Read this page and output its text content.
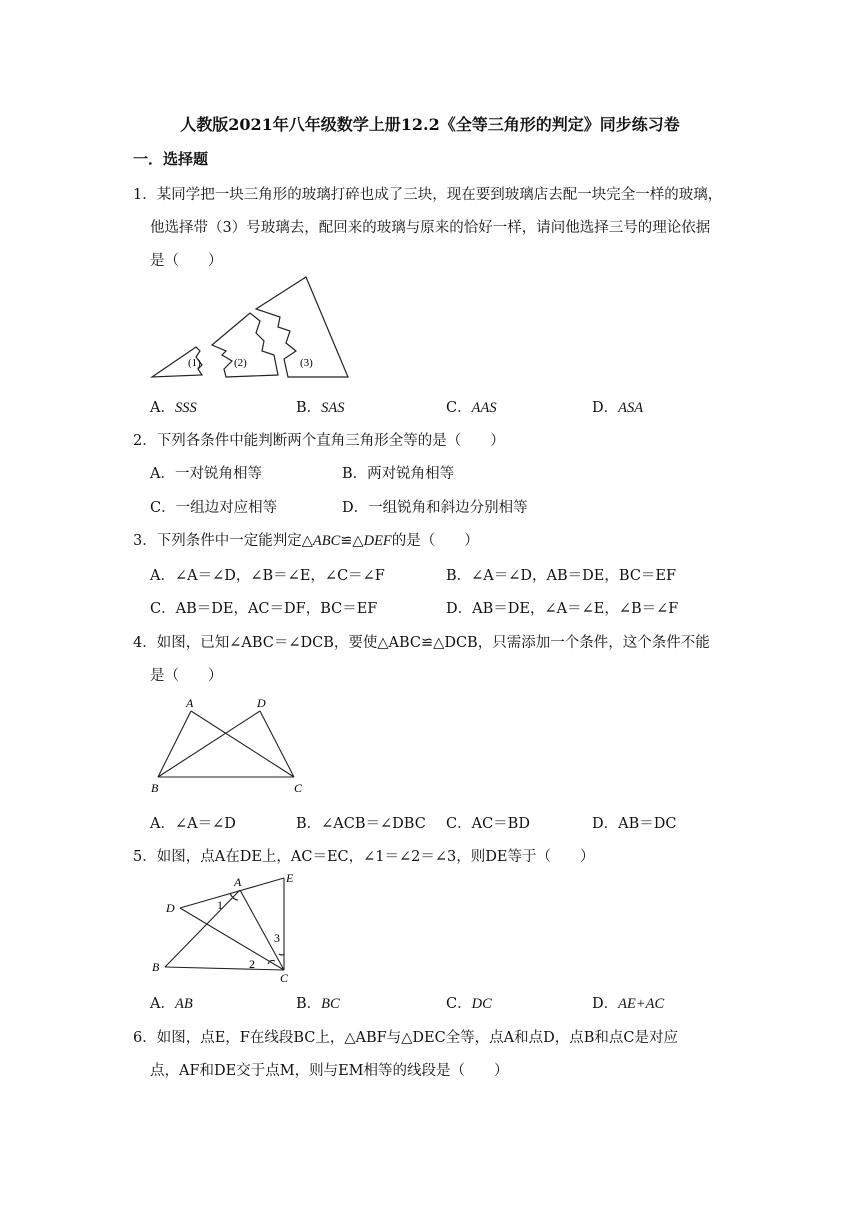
人教版2021年八年级数学上册12.2《全等三角形的判定》同步练习卷
一．选择题
1．某同学把一块三角形的玻璃打碎也成了三块，现在要到玻璃店去配一块完全一样的玻璃，
他选择带（3）号玻璃去，配回来的玻璃与原来的恰好一样，请问他选择三号的理论依据
是（　　）
(1)	(2)	(3)
A．SSS	B．SAS	C．AAS	D．ASA
2．下列各条件中能判断两个直角三角形全等的是（　　）
A．一对锐角相等	B．两对锐角相等
C．一组边对应相等	D．一组锐角和斜边分别相等
3．下列条件中一定能判定△ABC≌△DEF的是（　　）
A．∠A＝∠D，∠B＝∠E，∠C＝∠F	B．∠A＝∠D，AB＝DE，BC＝EF
C．AB＝DE，AC＝DF，BC＝EF	D．AB＝DE，∠A＝∠E，∠B＝∠F
4．如图，已知∠ABC＝∠DCB，要使△ABC≌△DCB，只需添加一个条件，这个条件不能
是（　　）
A	D
B	C
A．∠A＝∠D	B．∠ACB＝∠DBC C．AC＝BD	D．AB＝DC
5．如图，点A在DE上，AC＝EC，∠1＝∠2＝∠3，则DE等于（　　）
A	E
D
B
C
1
2
3
A．AB	B．BC	C．DC	D．AE+AC
6．如图，点E，F在线段BC上，△ABF与△DEC全等，点A和点D，点B和点C是对应
点，AF和DE交于点M，则与EM相等的线段是（　　）
